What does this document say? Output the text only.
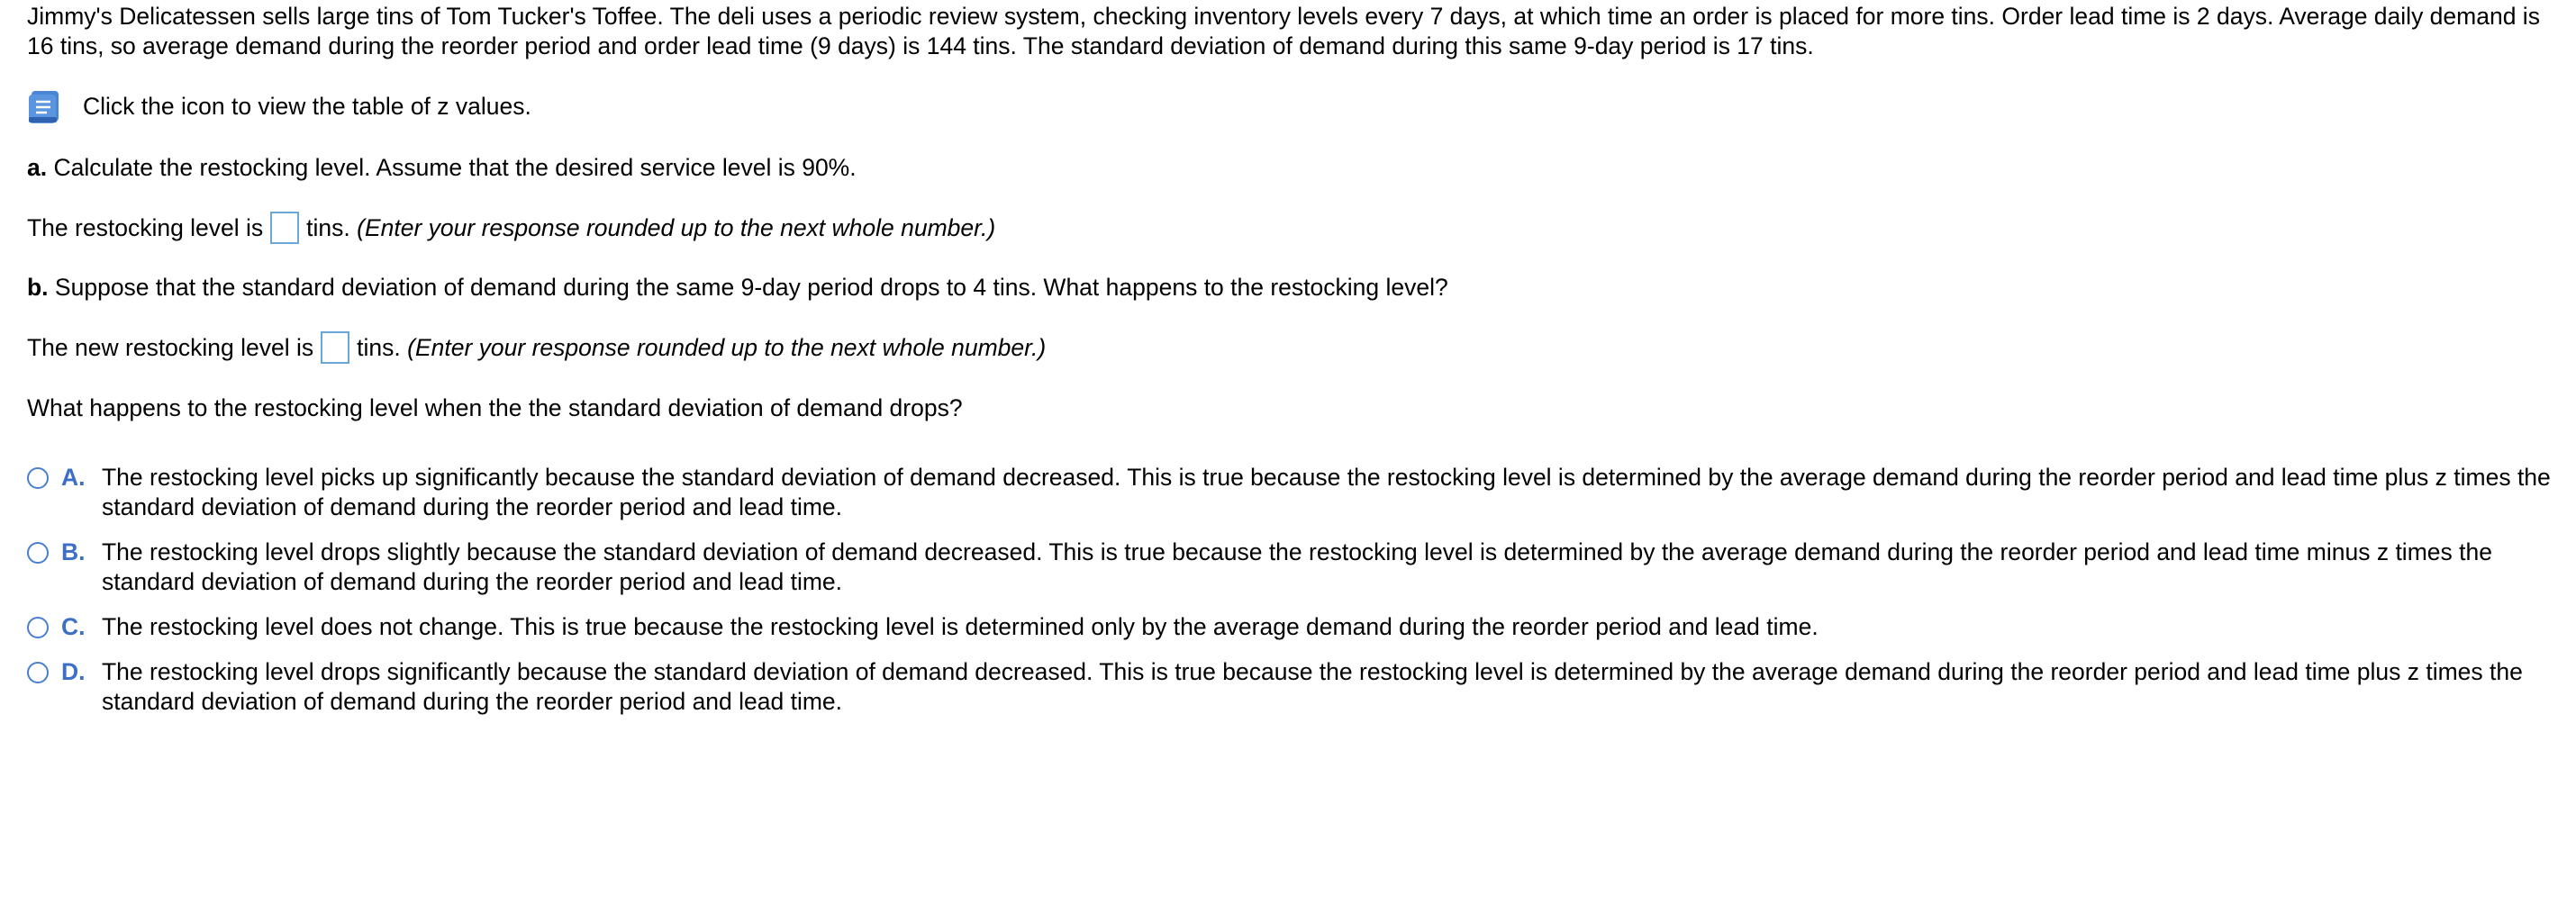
Jimmy's Delicatessen sells large tins of Tom Tucker's Toffee. The deli uses a periodic review system, checking inventory levels every 7 days, at which time an order is placed for more tins. Order lead time is 2 days. Average daily demand is 16 tins, so average demand during the reorder period and order lead time (9 days) is 144 tins. The standard deviation of demand during this same 9-day period is 17 tins.

Click the icon to view the table of z values.
a. Calculate the restocking level. Assume that the desired service level is 90%.
The restocking level is tins. (Enter your response rounded up to the next whole number.)
b. Suppose that the standard deviation of demand during the same 9-day period drops to 4 tins. What happens to the restocking level?
The new restocking level is tins. (Enter your response rounded up to the next whole number.)
What happens to the restocking level when the the standard deviation of demand drops?
A. The restocking level picks up significantly because the standard deviation of demand decreased. This is true because the restocking level is determined by the average demand during the reorder period and lead time plus z times the standard deviation of demand during the reorder period and lead time.
B. The restocking level drops slightly because the standard deviation of demand decreased. This is true because the restocking level is determined by the average demand during the reorder period and lead time minus z times the standard deviation of demand during the reorder period and lead time.
C. The restocking level does not change. This is true because the restocking level is determined only by the average demand during the reorder period and lead time.
D. The restocking level drops significantly because the standard deviation of demand decreased. This is true because the restocking level is determined by the average demand during the reorder period and lead time plus z times the standard deviation of demand during the reorder period and lead time.
